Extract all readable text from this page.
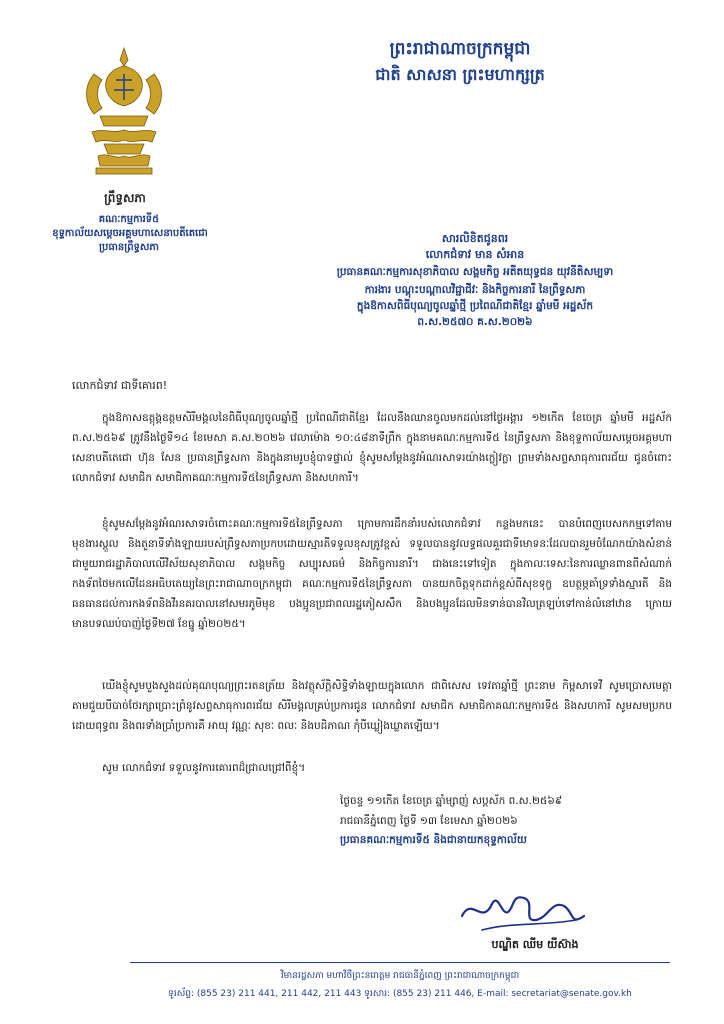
ព្រះរាជាណាចក្រកម្ពុជា
ជាតិ សាសនា ព្រះមហាក្សត្រ
ព្រឹទ្ធសភា
គណៈកម្មការទី៥
ខុទ្ទកាល័យសម្តេចអគ្គមហាសេនាបតីតេជោ
ប្រធានព្រឹទ្ធសភា
សារលិខិតជូនពរ
លោកជំទាវ មាន សំអាន
ប្រធានគណៈកម្មការសុខាភិបាល សង្គមកិច្ច អតីតយុទ្ធជន យុវនីតិសម្បទា
ការងារ បណ្តុះបណ្តាលវិជ្ជាជីវៈ និងកិច្ចការនារី នៃព្រឹទ្ធសភា
ក្នុងឱកាសពិធីបុណ្យចូលឆ្នាំថ្មី ប្រពៃណីជាតិខ្មែរ ឆ្នាំមមី អដ្ឋស័ក
ព.ស.២៥៧០ គ.ស.២០២៦
លោកជំទាវ ជាទីគោរព!
ក្នុងឱកាសឧត្តុង្គឧត្តមសិរីមង្គលនៃពិធីបុណ្យចូលឆ្នាំថ្មី ប្រពៃណីជាតិខ្មែរ ដែលនឹងឈានចូលមកដល់នៅថ្ងៃអង្គារ ១២កើត ខែចេត្រ ឆ្នាំមមី អដ្ឋស័ក ព.ស.២៥៦៩ ត្រូវនឹងថ្ងៃទី១៤ ខែមេសា គ.ស.២០២៦ វេលាម៉ោង ១០:៤៨នាទីព្រឹក ក្នុងនាមគណៈកម្មការទី៥ នៃព្រឹទ្ធសភា និងខុទ្ទកាល័យសម្តេចអគ្គមហាសេនាបតីតេជោ ហ៊ុន សែន ប្រធានព្រឹទ្ធសភា និងក្នុងនាមរូបខ្ញុំបាទផ្ទាល់ ខ្ញុំសូមសម្តែងនូវអំណរសាទរយ៉ាងក្លៀវក្លា ព្រមទាំងសព្ទសាធុការពរជ័យ ជូនចំពោះលោកជំទាវ សមាជិក សមាជិកាគណៈកម្មការទី៥នៃព្រឹទ្ធសភា និងសហការី។
ខ្ញុំសូមសម្តែងនូវអំណរសាទរចំពោះគណៈកម្មការទី៥នៃព្រឹទ្ធសភា ក្រោមការដឹកនាំរបស់លោកជំទាវ កន្លងមកនេះ បានបំពេញបេសកកម្មទៅតាមមុខងារស្តួល និងតួនាទីទាំងឡាយរបស់ព្រឹទ្ធសភាប្រកបដោយស្មារតីទទួលខុសត្រូវខ្ពស់ ទទួលបាននូវលទ្ធផលគួរជាទីមោទនៈដែលបានរួមចំណែកយ៉ាងសំខាន់ជាមួយរាជរដ្ឋាភិបាលលើវិស័យសុខាភិបាល សង្គមកិច្ច សប្បុរសធម៌ និងកិច្ចការនារី។ ជាងនេះទៅទៀត ក្នុងកាលៈទេសៈនៃការឈ្លានពានពីសំណាក់កងទ័ពថៃមកលើដែនអធិបតេយ្យនៃព្រះរាជាណាចក្រកម្ពុជា គណៈកម្មការទី៥នៃព្រឹទ្ធសភា បានយកចិត្តទុកដាក់ខ្ពស់ពីសុខទុក្ខ ឧបត្ថម្ភគាំទ្រទាំងស្មារតី និងធនធានដល់ការកងទ័ពនិងវីរនគរបាលនៅសមរភូមិមុខ បងប្អូនប្រជាពលរដ្ឋភៀសសឹក និងបងប្អូនដែលមិនទាន់បានវិលត្រឡប់ទៅកាន់លំនៅឋាន ក្រោយមានបទឈប់បាញ់ថ្ងៃទី២៧ ខែធ្នូ ឆ្នាំ២០២៥។
យើងខ្ញុំសូមបួងសួងដល់គុណបុណ្យព្រះរតនត្រ័យ និងវត្ថុស័ក្តិសិទ្ធិទាំងឡាយក្នុងលោក ជាពិសេស ទេវតាឆ្នាំថ្មី ព្រះនាម កិម្ពសាទេវី សូមប្រោសមេត្តាតាមជួយបីបាច់ថែរក្សាប្រោះព្រំនូវសព្ទសាធុការពរជ័យ សិរីមង្គលគ្រប់ប្រការជូន លោកជំទាវ សមាជិក សមាជិកាគណៈកម្មការទី៥ និងសហការី សូមសមប្រកបដោយពុទ្ធពរ និងពរទាំងប្រាំប្រការគឺ អាយុ វណ្ណៈ សុខៈ ពលៈ និងបដិភាណ កុំបីឃ្លៀងឃ្លាតឡើយ។
សូម លោកជំទាវ ទទួលនូវការគោរពដ៏ជ្រាលជ្រៅពីខ្ញុំ។
ថ្ងៃចន្ទ ១១កើត ខែចេត្រ ឆ្នាំម្សាញ់ សប្តស័ក ព.ស.២៥៦៩
រាជធានីភ្នំពេញ ថ្ងៃទី ១៣ ខែមេសា ឆ្នាំ២០២៦
ប្រធានគណៈកម្មការទី៥ និងជានាយកខុទ្ទកាល័យ
បណ្ឌិត ឈីម យីស៊ាង
វិមានរដ្ឋសភា មហាវិថីព្រះនរោត្តម រាជធានីភ្នំពេញ ព្រះរាជាណាចក្រកម្ពុជា
ទូរស័ព្ទ: (855 23) 211 441, 211 442, 211 443 ទូរសារ: (855 23) 211 446, E-mail: secretariat@senate.gov.kh
